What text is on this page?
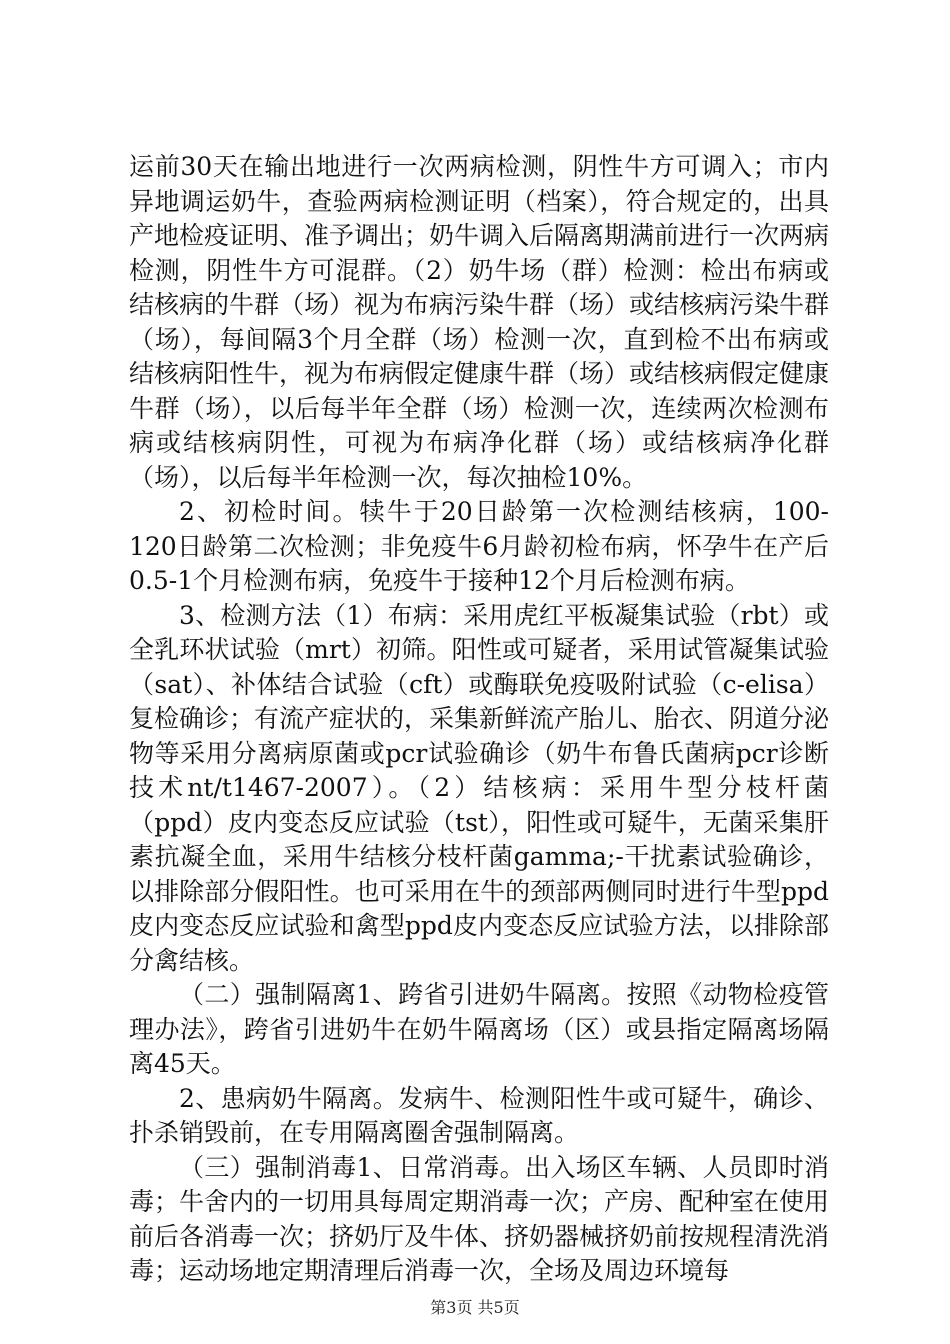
运前30天在输出地进行一次两病检测，阴性牛方可调入；市内异地调运奶牛，查验两病检测证明（档案），符合规定的，出具产地检疫证明、准予调出；奶牛调入后隔离期满前进行一次两病检测，阴性牛方可混群。（2）奶牛场（群）检测：检出布病或结核病的牛群（场）视为布病污染牛群（场）或结核病污染牛群（场），每间隔3个月全群（场）检测一次，直到检不出布病或结核病阳性牛，视为布病假定健康牛群（场）或结核病假定健康牛群（场），以后每半年全群（场）检测一次，连续两次检测布病或结核病阴性，可视为布病净化群（场）或结核病净化群（场），以后每半年检测一次，每次抽检10%。

2、初检时间。犊牛于20日龄第一次检测结核病，100-120日龄第二次检测；非免疫牛6月龄初检布病，怀孕牛在产后0.5-1个月检测布病，免疫牛于接种12个月后检测布病。

3、检测方法（1）布病：采用虎红平板凝集试验（rbt）或全乳环状试验（mrt）初筛。阳性或可疑者，采用试管凝集试验（sat）、补体结合试验（cft）或酶联免疫吸附试验（c-elisa）复检确诊；有流产症状的，采集新鲜流产胎儿、胎衣、阴道分泌物等采用分离病原菌或pcr试验确诊（奶牛布鲁氏菌病pcr诊断技术nt/t1467-2007）。（2）结核病：采用牛型分枝杆菌（ppd）皮内变态反应试验（tst），阳性或可疑牛，无菌采集肝素抗凝全血，采用牛结核分枝杆菌gamma;-干扰素试验确诊，以排除部分假阳性。也可采用在牛的颈部两侧同时进行牛型ppd皮内变态反应试验和禽型ppd皮内变态反应试验方法，以排除部分禽结核。

（二）强制隔离1、跨省引进奶牛隔离。按照《动物检疫管理办法》，跨省引进奶牛在奶牛隔离场（区）或县指定隔离场隔离45天。

2、患病奶牛隔离。发病牛、检测阳性牛或可疑牛，确诊、扑杀销毁前，在专用隔离圈舍强制隔离。

（三）强制消毒1、日常消毒。出入场区车辆、人员即时消毒；牛舍内的一切用具每周定期消毒一次；产房、配种室在使用前后各消毒一次；挤奶厅及牛体、挤奶器械挤奶前按规程清洗消毒；运动场地定期清理后消毒一次，全场及周边环境每

第3页 共5页
